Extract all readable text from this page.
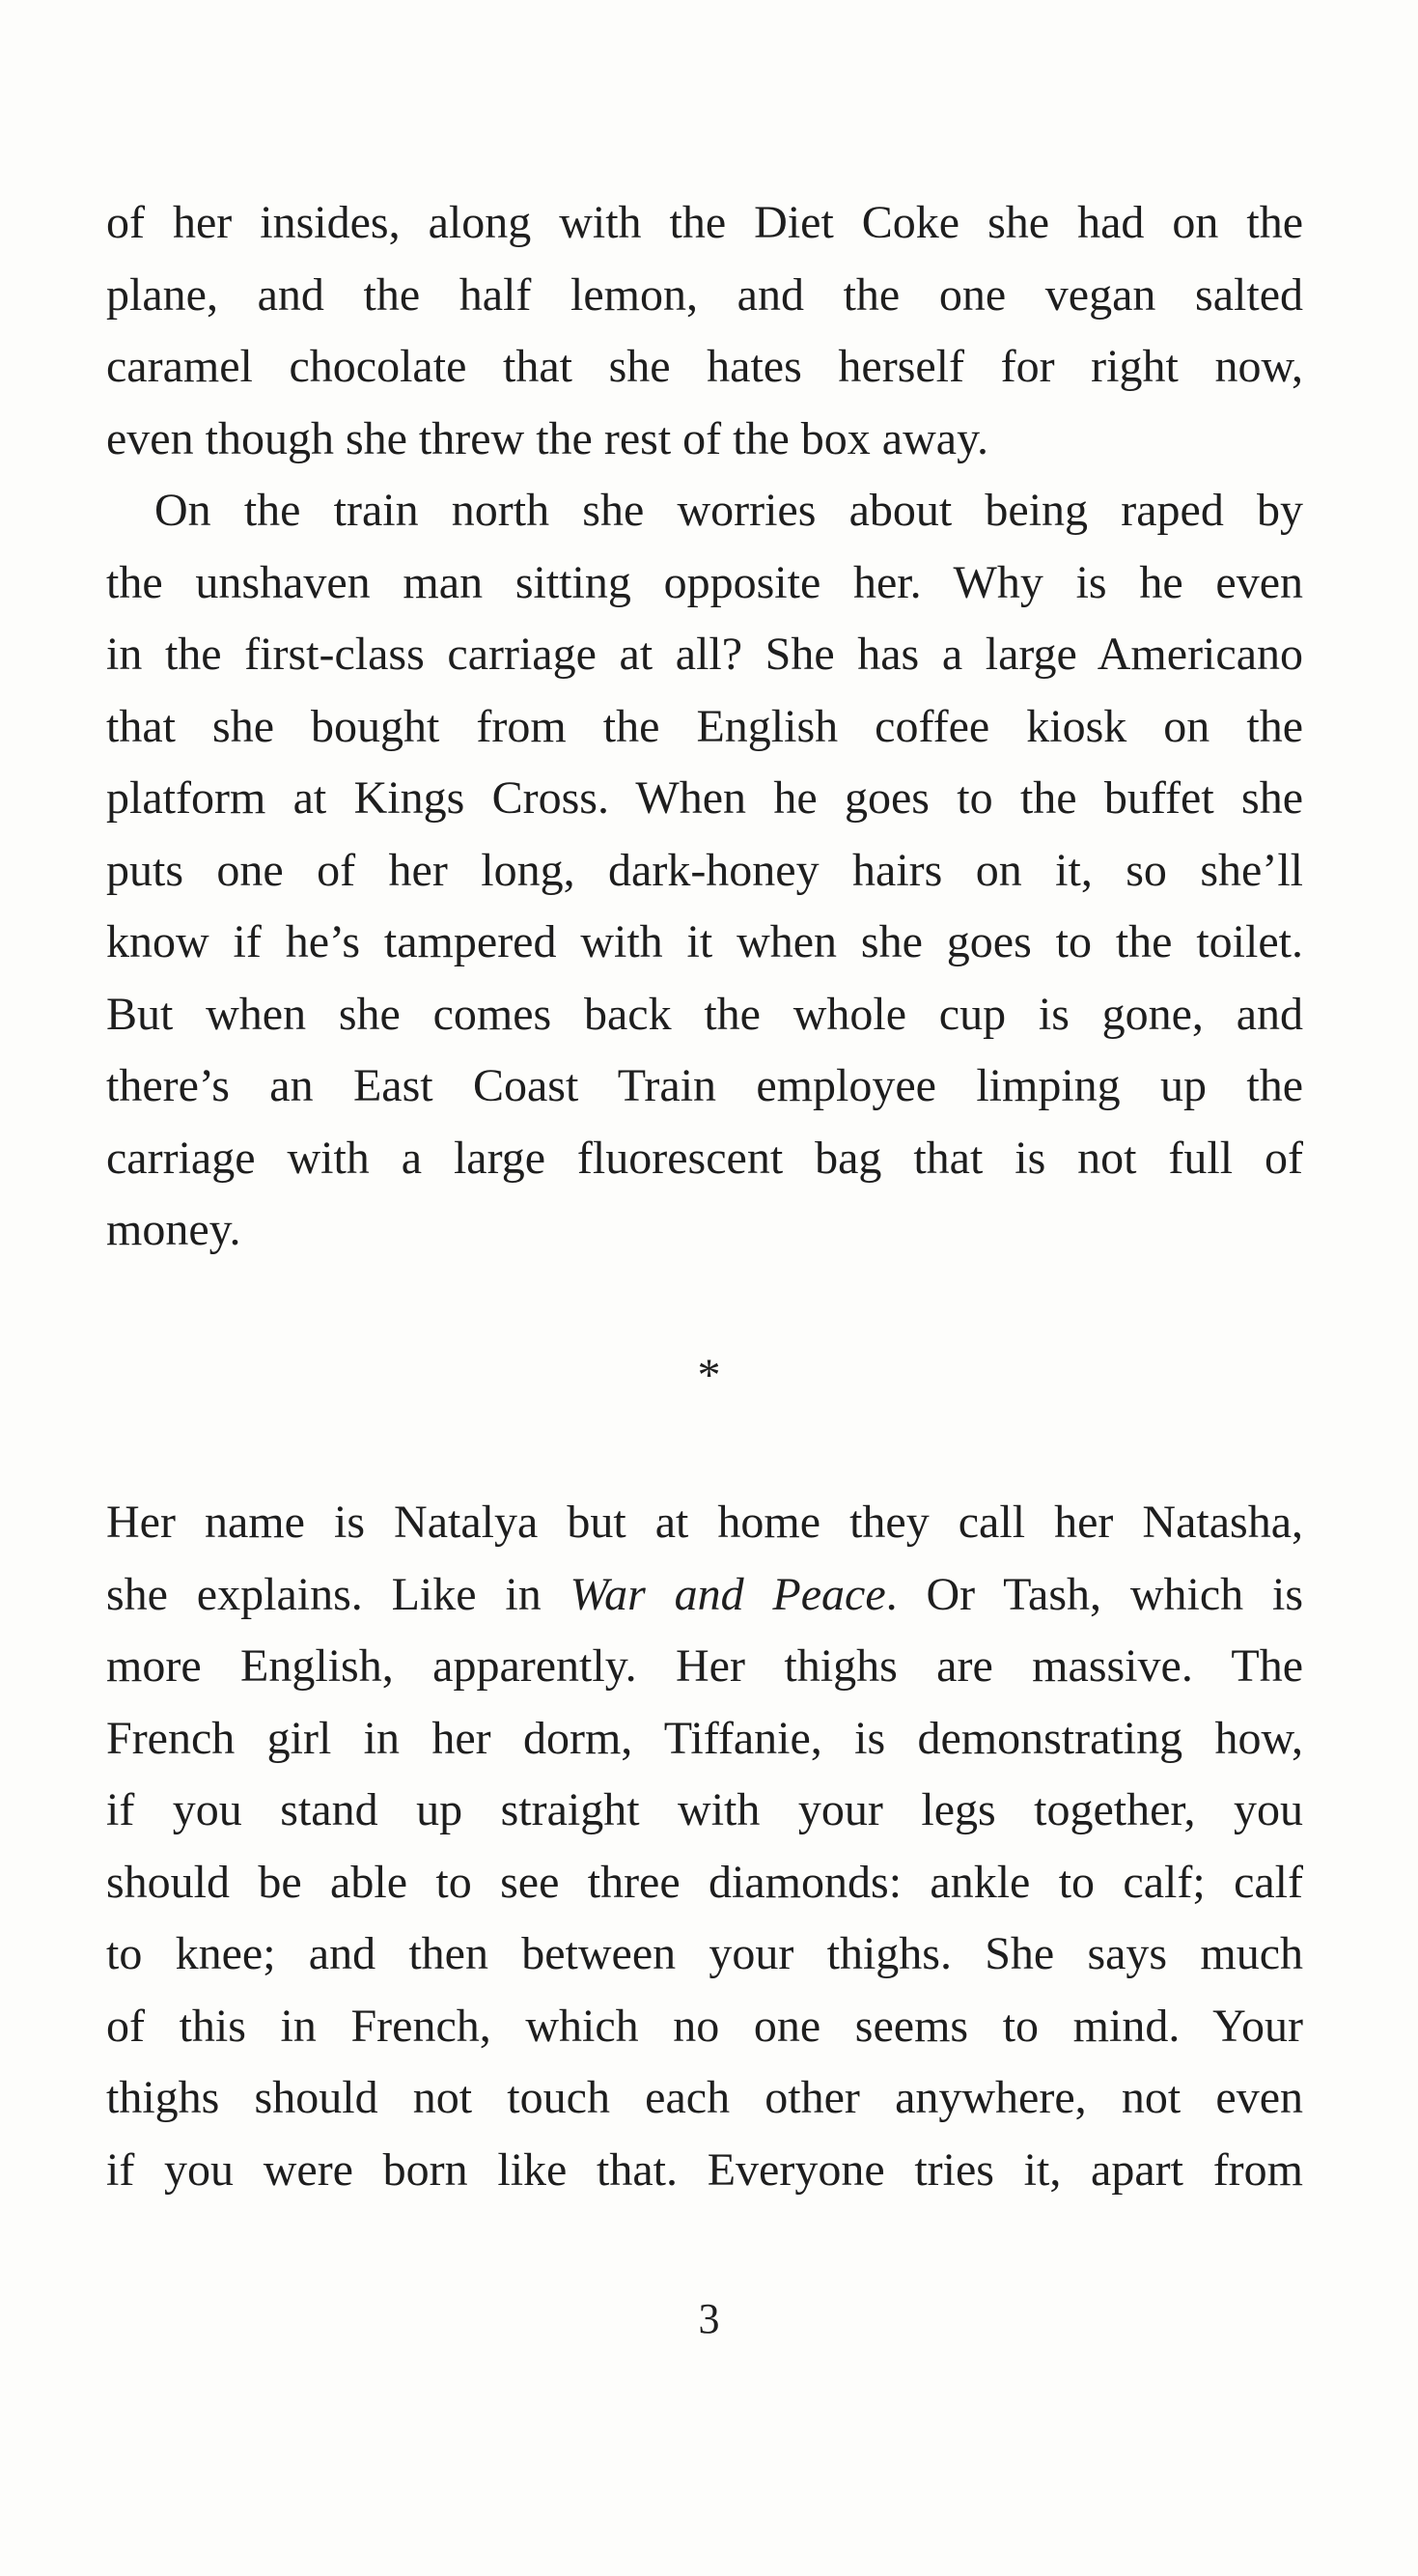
of her insides, along with the Diet Coke she had on the
plane, and the half lemon, and the one vegan salted
caramel chocolate that she hates herself for right now,
even though she threw the rest of the box away.
On the train north she worries about being raped by
the unshaven man sitting opposite her. Why is he even
in the first-class carriage at all? She has a large Americano
that she bought from the English coffee kiosk on the
platform at Kings Cross. When he goes to the buffet she
puts one of her long, dark-honey hairs on it, so she’ll
know if he’s tampered with it when she goes to the toilet.
But when she comes back the whole cup is gone, and
there’s an East Coast Train employee limping up the
carriage with a large fluorescent bag that is not full of
money.
*
Her name is Natalya but at home they call her Natasha,
she explains. Like in War and Peace. Or Tash, which is
more English, apparently. Her thighs are massive. The
French girl in her dorm, Tiffanie, is demonstrating how,
if you stand up straight with your legs together, you
should be able to see three diamonds: ankle to calf; calf
to knee; and then between your thighs. She says much
of this in French, which no one seems to mind. Your
thighs should not touch each other anywhere, not even
if you were born like that. Everyone tries it, apart from
3
